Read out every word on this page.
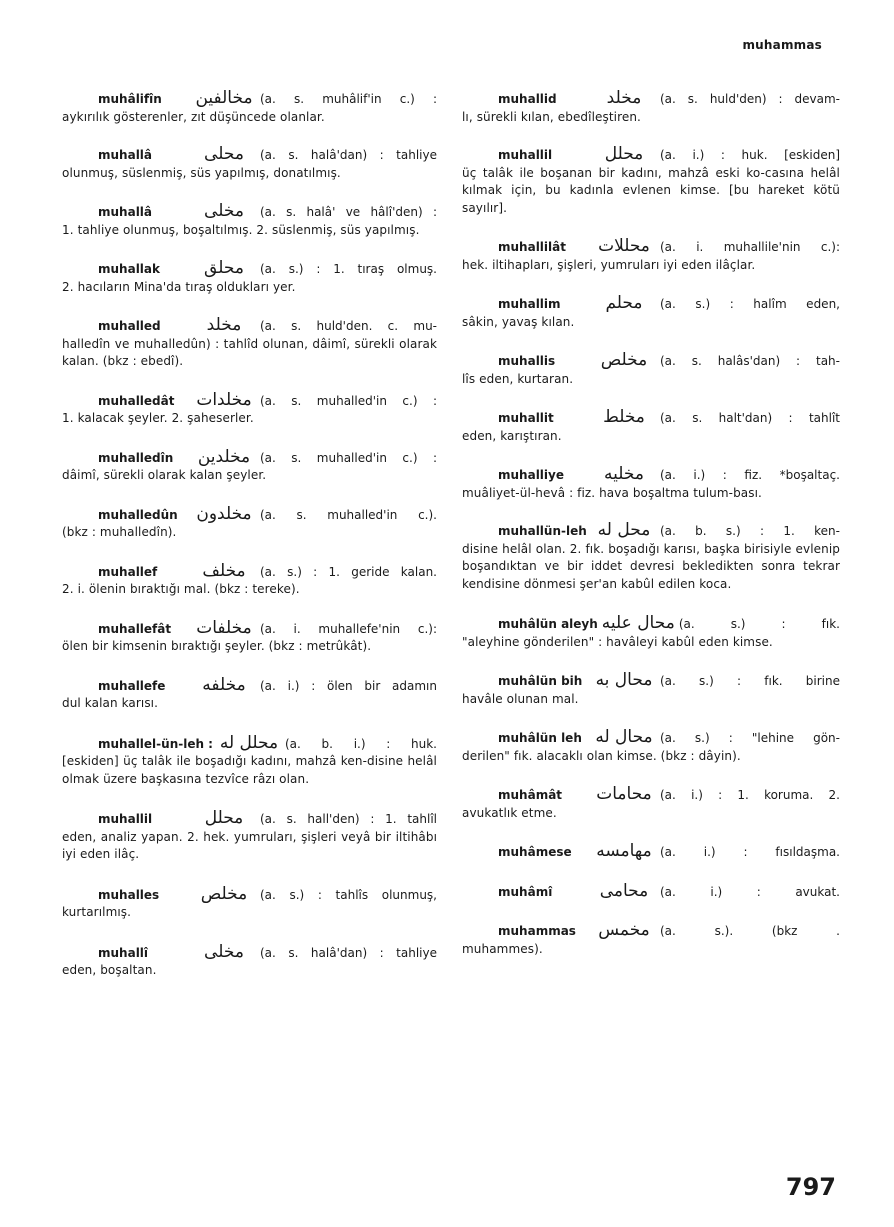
muhammas
muhâlifîn	مخالفين (a. s. muhâlif'in c.) :
aykırılık gösterenler, zıt düşüncede olanlar.
muhallâ	محلى	(a. s. halâ'dan) : tahliye
olunmuş, süslenmiş, süs yapılmış, donatılmış.
muhallâ	مخلى	(a. s. halâ' ve hâlî'den) :
1. tahliye olunmuş, boşaltılmış. 2. süslenmiş, süs yapılmış.
muhallak	محلق	(a. s.) : 1. tıraş olmuş.
2. hacıların Mina'da tıraş oldukları yer.
muhalled	مخلد	(a. s. huld'den. c. mu-
halledîn ve muhalledûn) : tahlîd olunan, dâimî, sürekli olarak kalan. (bkz : ebedî).
muhalledât	مخلدات (a. s. muhalled'in c.) :
1. kalacak şeyler. 2. şaheserler.
muhalledîn	مخلدين (a. s. muhalled'in c.) :
dâimî, sürekli olarak kalan şeyler.
muhalledûn	مخلدون (a. s. muhalled'in c.).
(bkz : muhalledîn).
muhallef	مخلف	(a. s.) : 1. geride kalan.
2. i. ölenin bıraktığı mal. (bkz : tereke).
muhallefât	مخلفات (a. i. muhallefe'nin c.):
ölen bir kimsenin bıraktığı şeyler. (bkz : metrûkât).
muhallefe	مخلفه	(a. i.) : ölen bir adamın
dul kalan karısı.
muhallel-ün-leh : محلل له (a. b. i.) : huk.
[eskiden] üç talâk ile boşadığı kadını, mahzâ ken-disine helâl olmak üzere başkasına tezvîce râzı olan.
muhallil	محلل	(a. s. hall'den) : 1. tahlîl
eden, analiz yapan. 2. hek. yumruları, şişleri veyâ bir iltihâbı iyi eden ilâç.
muhalles	مخلص	(a. s.) : tahlîs olunmuş,
kurtarılmış.
muhallî	مخلى	(a. s. halâ'dan) : tahliye
eden, boşaltan.
muhallid	مخلد	(a. s. huld'den) : devam-
lı, sürekli kılan, ebedîleştiren.
muhallil	محلل	(a. i.) : huk. [eskiden]
üç talâk ile boşanan bir kadını, mahzâ eski ko-casına helâl kılmak için, bu kadınla evlenen kimse. [bu hareket kötü sayılır].
muhallilât	محللات (a. i. muhallile'nin c.):
hek. iltihapları, şişleri, yumruları iyi eden ilâçlar.
muhallim	محلم	(a. s.) : halîm eden,
sâkin, yavaş kılan.
muhallis	مخلص	(a. s. halâs'dan) : tah-
lîs eden, kurtaran.
muhallit	مخلط	(a. s. halt'dan) : tahlît
eden, karıştıran.
muhalliye	مخليه	(a. i.) : fiz. *boşaltaç.
muâliyet-ül-hevâ : fiz. hava boşaltma tulum-bası.
muhallün-leh محل له (a. b. s.) : 1. ken-
disine helâl olan. 2. fık. boşadığı karısı, başka birisiyle evlenip boşandıktan ve bir iddet devresi bekledikten sonra tekrar kendisine dönmesi şer'an kabûl edilen koca.
muhâlün aleyh محال عليه (a. s.) : fık.
"aleyhine gönderilen" : havâleyi kabûl eden kimse.
muhâlün bih محال به (a. s.) : fık. birine
havâle olunan mal.
muhâlün leh محال له (a. s.) : "lehine gön-
derilen" fık. alacaklı olan kimse. (bkz : dâyin).
muhâmât	محامات (a. i.) : 1. koruma. 2.
avukatlık etme.
muhâmese	مهامسه (a. i.) : fısıldaşma.
muhâmî	محامى (a. i.) : avukat.
muhammas	مخمس (a. s.). (bkz .
muhammes).
797
